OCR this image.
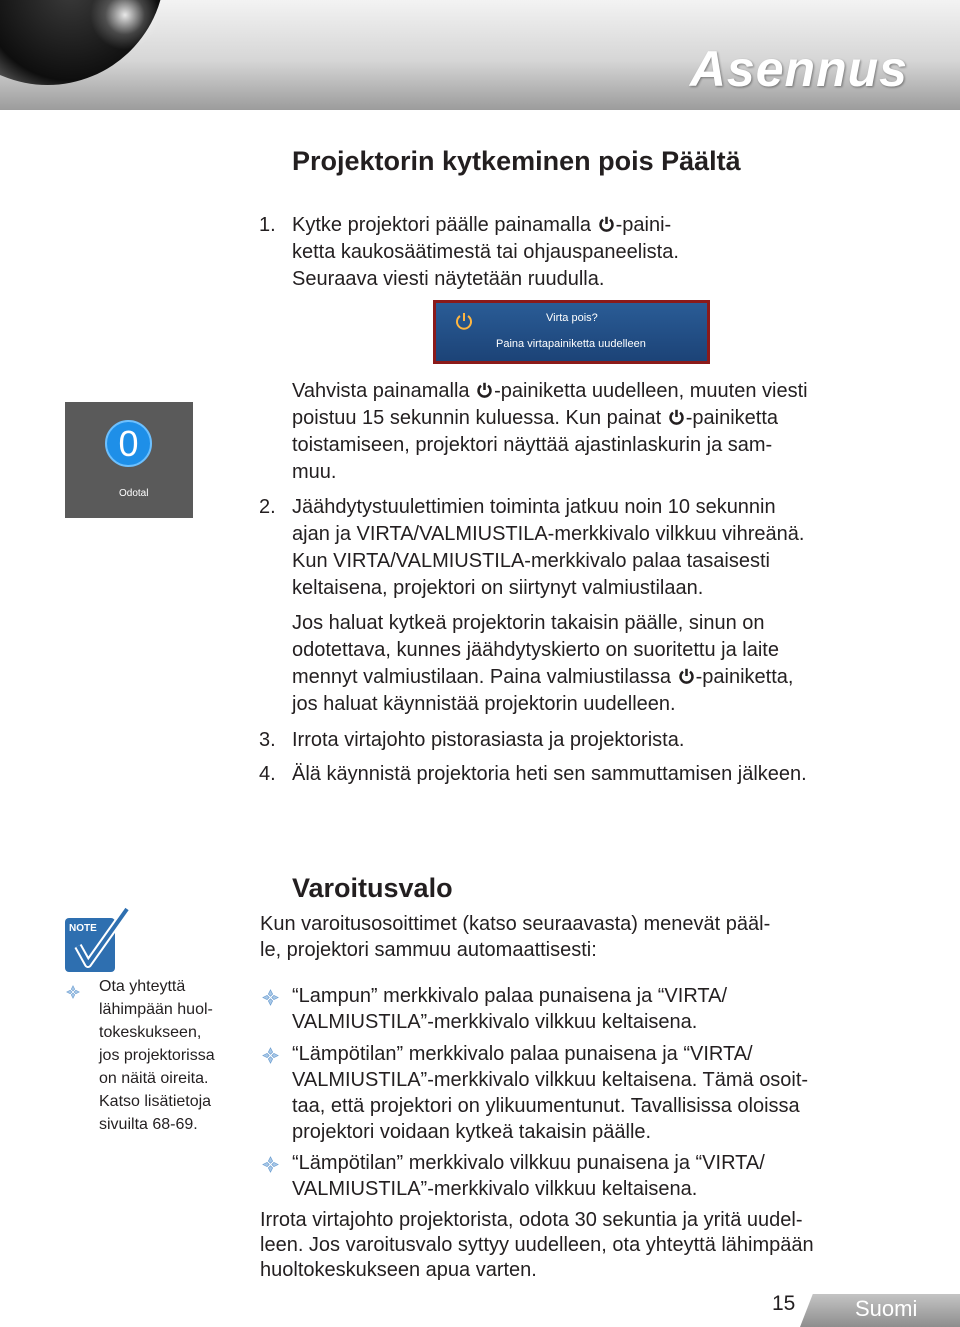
Asennus
Projektorin kytkeminen pois Päältä
1. Kytke projektori päälle painamalla -paini-
ketta kaukosäätimestä tai ohjauspaneelista.
Seuraava viesti näytetään ruudulla.
Virta pois?
Paina virtapainiketta uudelleen
Vahvista painamalla -painiketta uudelleen, muuten viesti
poistuu 15 sekunnin kuluessa. Kun painat -painiketta
toistamiseen, projektori näyttää ajastinlaskurin ja sam-
muu.
0
Odotal
2. Jäähdytystuulettimien toiminta jatkuu noin 10 sekunnin
ajan ja VIRTA/VALMIUSTILA-merkkivalo vilkkuu vihreänä.
Kun VIRTA/VALMIUSTILA-merkkivalo palaa tasaisesti
keltaisena, projektori on siirtynyt valmiustilaan.
Jos haluat kytkeä projektorin takaisin päälle, sinun on
odotettava, kunnes jäähdytyskierto on suoritettu ja laite
mennyt valmiustilaan. Paina valmiustilassa -painiketta,
jos haluat käynnistää projektorin uudelleen.
3. Irrota virtajohto pistorasiasta ja projektorista.
4. Älä käynnistä projektoria heti sen sammuttamisen jälkeen.
Varoitusvalo
Kun varoitusosoittimet (katso seuraavasta) menevät pääl-
le, projektori sammuu automaattisesti:
“Lampun” merkkivalo palaa punaisena ja “VIRTA/
VALMIUSTILA”-merkkivalo vilkkuu keltaisena.
“Lämpötilan” merkkivalo palaa punaisena ja “VIRTA/
VALMIUSTILA”-merkkivalo vilkkuu keltaisena. Tämä osoit-
taa, että projektori on ylikuumentunut. Tavallisissa oloissa
projektori voidaan kytkeä takaisin päälle.
“Lämpötilan” merkkivalo vilkkuu punaisena ja “VIRTA/
VALMIUSTILA”-merkkivalo vilkkuu keltaisena.
Irrota virtajohto projektorista, odota 30 sekuntia ja yritä uudel-
leen. Jos varoitusvalo syttyy uudelleen, ota yhteyttä lähimpään
huoltokeskukseen apua varten.
NOTE
Ota yhteyttä
lähimpään huol-
tokeskukseen,
jos projektorissa
on näitä oireita.
Katso lisätietoja
sivuilta 68-69.
15	Suomi
